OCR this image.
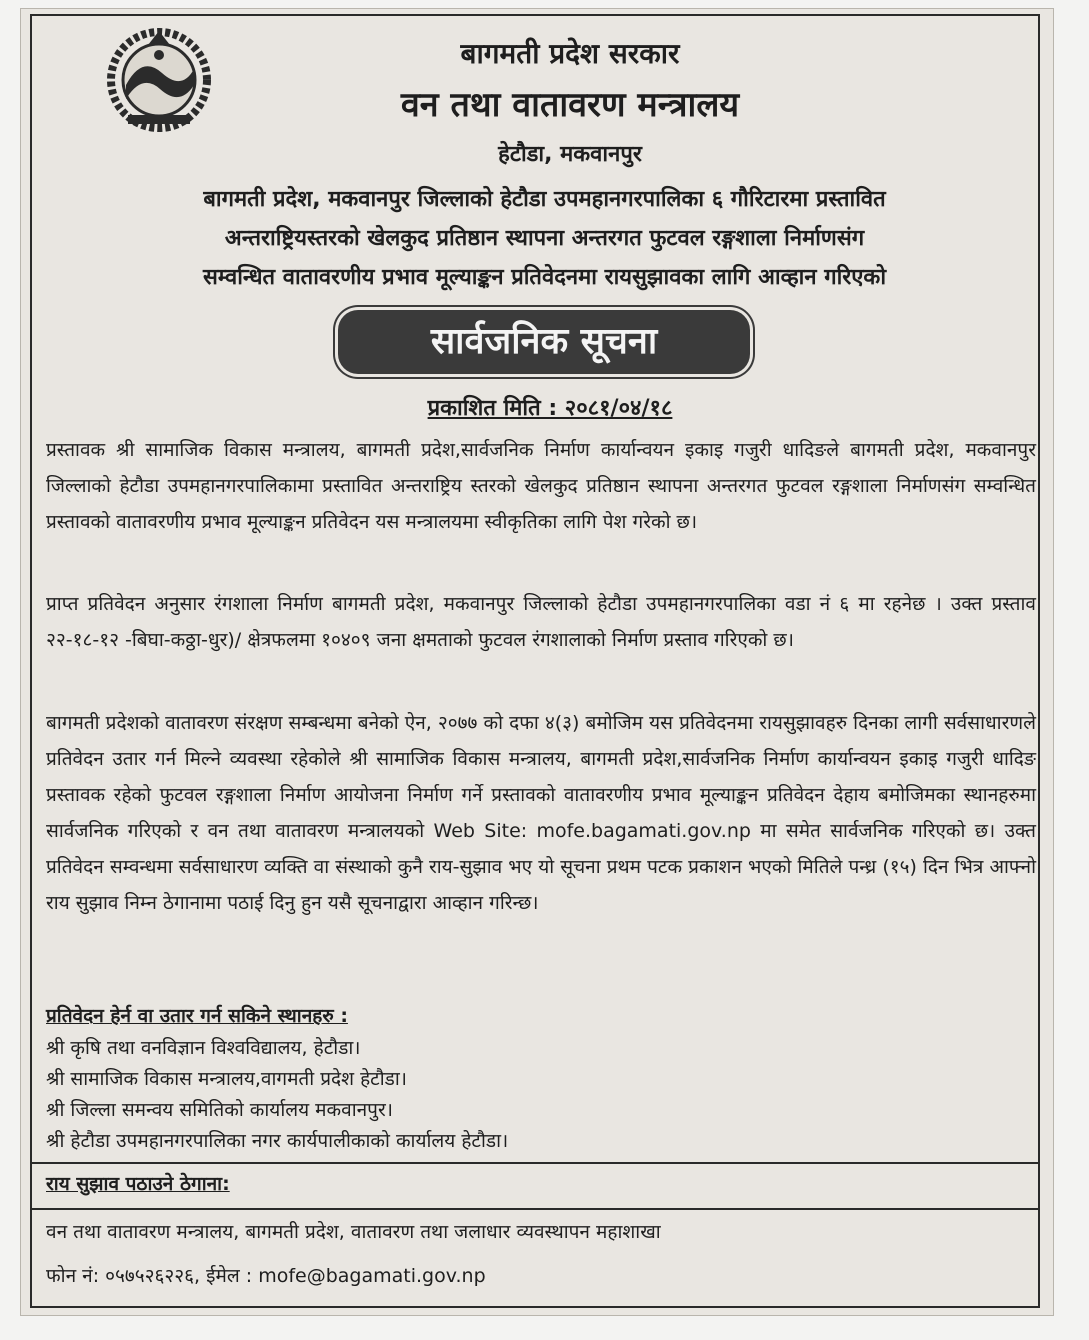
बागमती प्रदेश सरकार
वन तथा वातावरण मन्त्रालय
हेटौडा, मकवानपुर
बागमती प्रदेश, मकवानपुर जिल्लाको हेटौडा उपमहानगरपालिका ६ गौरिटारमा प्रस्तावित
अन्तराष्ट्रियस्तरको खेलकुद प्रतिष्ठान स्थापना अन्तरगत फुटवल रङ्गशाला निर्माणसंग
सम्वन्धित वातावरणीय प्रभाव मूल्याङ्कन प्रतिवेदनमा रायसुझावका लागि आव्हान गरिएको
सार्वजनिक सूचना
प्रकाशित मिति : २०८१/०४/१८
प्रस्तावक श्री सामाजिक विकास मन्त्रालय, बागमती प्रदेश,सार्वजनिक निर्माण कार्यान्वयन इकाइ गजुरी धादिङले बागमती प्रदेश, मकवानपुर जिल्लाको हेटौडा उपमहानगरपालिकामा प्रस्तावित अन्तराष्ट्रिय स्तरको खेलकुद प्रतिष्ठान स्थापना अन्तरगत फुटवल रङ्गशाला निर्माणसंग सम्वन्धित प्रस्तावको वातावरणीय प्रभाव मूल्याङ्कन प्रतिवेदन यस मन्त्रालयमा स्वीकृतिका लागि पेश गरेको छ।
प्राप्त प्रतिवेदन अनुसार रंगशाला निर्माण बागमती प्रदेश, मकवानपुर जिल्लाको हेटौडा उपमहानगरपालिका वडा नं ६ मा रहनेछ । उक्त प्रस्ताव २२-१८-१२ -बिघा-कठ्ठा-धुर)/ क्षेत्रफलमा १०४०९ जना क्षमताको फुटवल रंगशालाको निर्माण प्रस्ताव गरिएको छ।
बागमती प्रदेशको वातावरण संरक्षण सम्बन्धमा बनेको ऐन, २०७७ को दफा ४(३) बमोजिम यस प्रतिवेदनमा रायसुझावहरु दिनका लागी सर्वसाधारणले प्रतिवेदन उतार गर्न मिल्ने व्यवस्था रहेकोले श्री सामाजिक विकास मन्त्रालय, बागमती प्रदेश,सार्वजनिक निर्माण कार्यान्वयन इकाइ गजुरी धादिङ प्रस्तावक रहेको फुटवल रङ्गशाला निर्माण आयोजना निर्माण गर्ने प्रस्तावको वातावरणीय प्रभाव मूल्याङ्कन प्रतिवेदन देहाय बमोजिमका स्थानहरुमा सार्वजनिक गरिएको र वन तथा वातावरण मन्त्रालयको Web Site: mofe.bagamati.gov.np मा समेत सार्वजनिक गरिएको छ। उक्त प्रतिवेदन सम्वन्धमा सर्वसाधारण व्यक्ति वा संस्थाको कुनै राय-सुझाव भए यो सूचना प्रथम पटक प्रकाशन भएको मितिले पन्ध्र (१५) दिन भित्र आफ्नो राय सुझाव निम्न ठेगानामा पठाई दिनु हुन यसै सूचनाद्वारा आव्हान गरिन्छ।
प्रतिवेदन हेर्न वा उतार गर्न सकिने स्थानहरु :
श्री कृषि तथा वनविज्ञान विश्वविद्यालय, हेटौडा।
श्री सामाजिक विकास मन्त्रालय,वागमती प्रदेश हेटौडा।
श्री जिल्ला समन्वय समितिको कार्यालय मकवानपुर।
श्री हेटौडा उपमहानगरपालिका नगर कार्यपालीकाको कार्यालय हेटौडा।
राय सुझाव पठाउने ठेगाना:
वन तथा वातावरण मन्त्रालय, बागमती प्रदेश, वातावरण तथा जलाधार व्यवस्थापन महाशाखा
फोन नं: ०५७५२६२२६, ईमेल : mofe@bagamati.gov.np
